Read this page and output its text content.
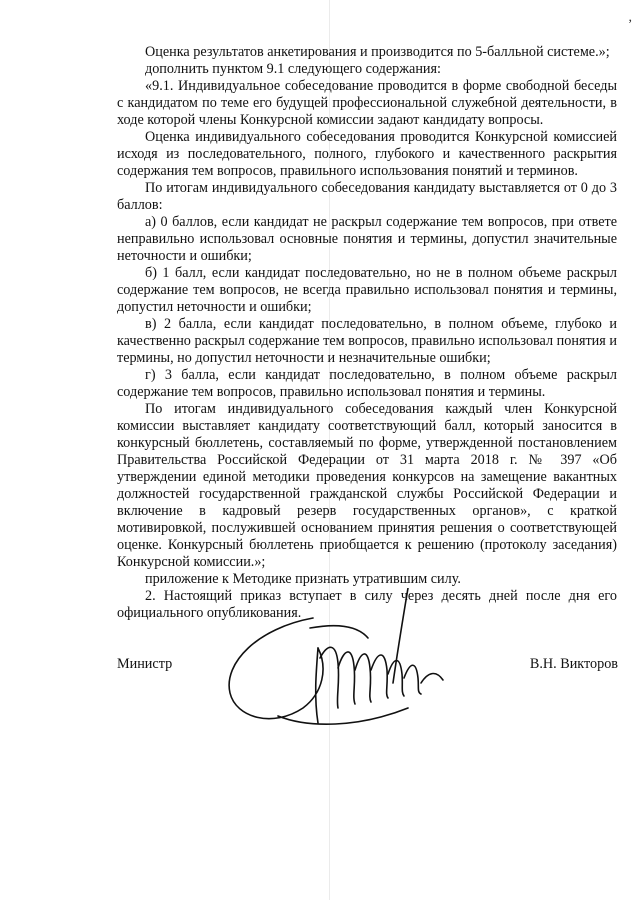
,

Оценка результатов анкетирования и производится по 5-балльной системе.»;

дополнить пунктом 9.1 следующего содержания:

«9.1. Индивидуальное собеседование проводится в форме свободной беседы с кандидатом по теме его будущей профессиональной служебной деятельности, в ходе которой члены Конкурсной комиссии задают кандидату вопросы.

Оценка индивидуального собеседования проводится Конкурсной комиссией исходя из последовательного, полного, глубокого и качественного раскрытия содержания тем вопросов, правильного использования понятий и терминов.

По итогам индивидуального собеседования кандидату выставляется от 0 до 3 баллов:

а) 0 баллов, если кандидат не раскрыл содержание тем вопросов, при ответе неправильно использовал основные понятия и термины, допустил значительные неточности и ошибки;

б) 1 балл, если кандидат последовательно, но не в полном объеме раскрыл содержание тем вопросов, не всегда правильно использовал понятия и термины, допустил неточности и ошибки;

в) 2 балла, если кандидат последовательно, в полном объеме, глубоко и качественно раскрыл содержание тем вопросов, правильно использовал понятия и термины, но допустил неточности и незначительные ошибки;

г) 3 балла, если кандидат последовательно, в полном объеме раскрыл содержание тем вопросов, правильно использовал понятия и термины.

По итогам индивидуального собеседования каждый член Конкурсной комиссии выставляет кандидату соответствующий балл, который заносится в конкурсный бюллетень, составляемый по форме, утвержденной постановлением Правительства Российской Федерации от 31 марта 2018 г. № 397 «Об утверждении единой методики проведения конкурсов на замещение вакантных должностей государственной гражданской службы Российской Федерации и включение в кадровый резерв государственных органов», с краткой мотивировкой, послужившей основанием принятия решения о соответствующей оценке. Конкурсный бюллетень приобщается к решению (протоколу заседания) Конкурсной комиссии.»;

приложение к Методике признать утратившим силу.

2. Настоящий приказ вступает в силу через десять дней после дня его официального опубликования.

Министр	В.Н. Викторов
